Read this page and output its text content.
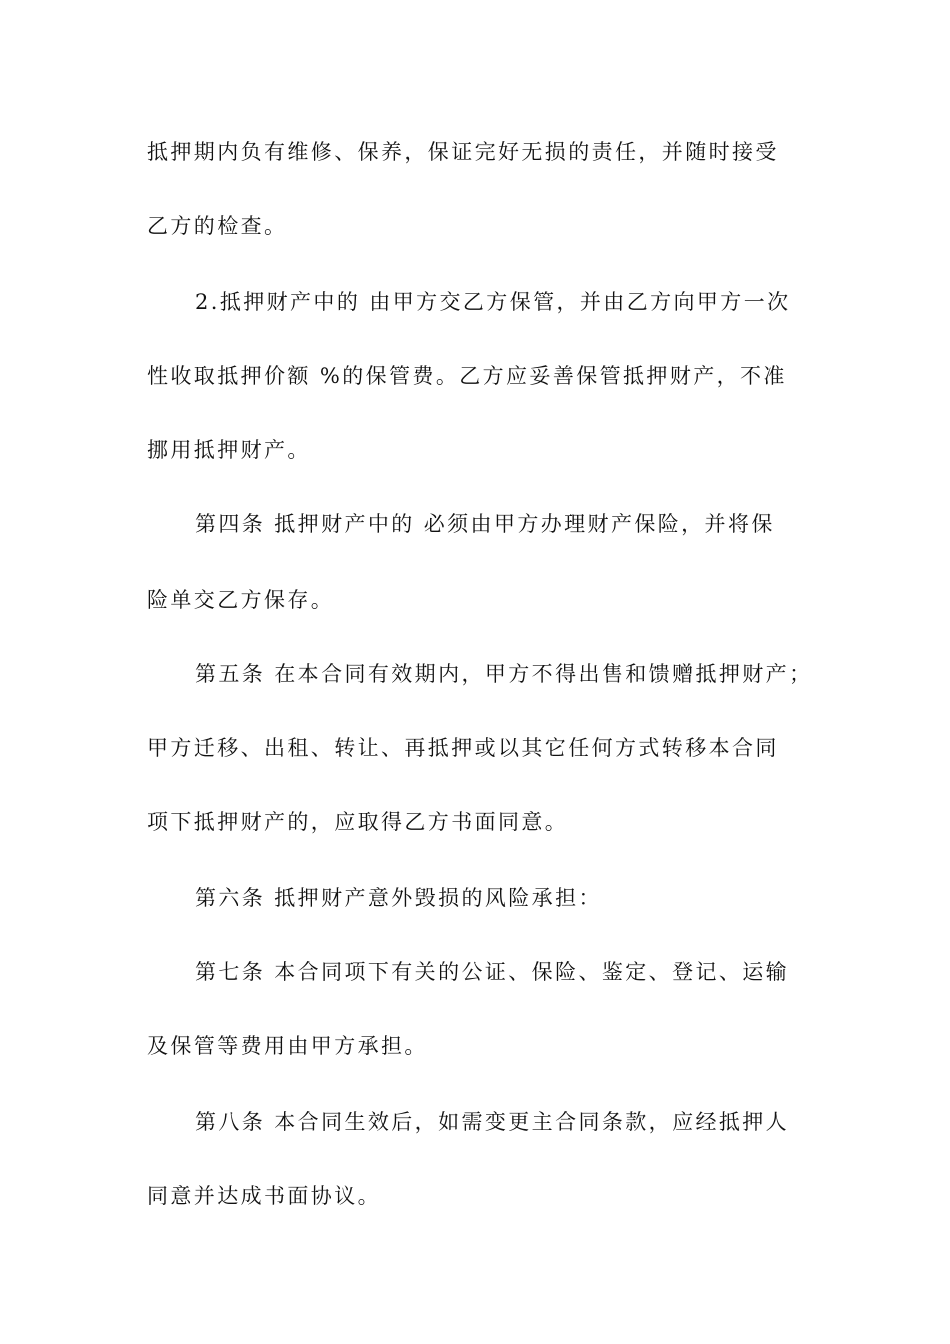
抵押期内负有维修、保养，保证完好无损的责任，并随时接受
乙方的检查。
2.抵押财产中的 由甲方交乙方保管，并由乙方向甲方一次
性收取抵押价额 %的保管费。乙方应妥善保管抵押财产，不准
挪用抵押财产。
第四条 抵押财产中的 必须由甲方办理财产保险，并将保
险单交乙方保存。
第五条 在本合同有效期内，甲方不得出售和馈赠抵押财产；
甲方迁移、出租、转让、再抵押或以其它任何方式转移本合同
项下抵押财产的，应取得乙方书面同意。
第六条 抵押财产意外毁损的风险承担：
第七条 本合同项下有关的公证、保险、鉴定、登记、运输
及保管等费用由甲方承担。
第八条 本合同生效后，如需变更主合同条款，应经抵押人
同意并达成书面协议。
